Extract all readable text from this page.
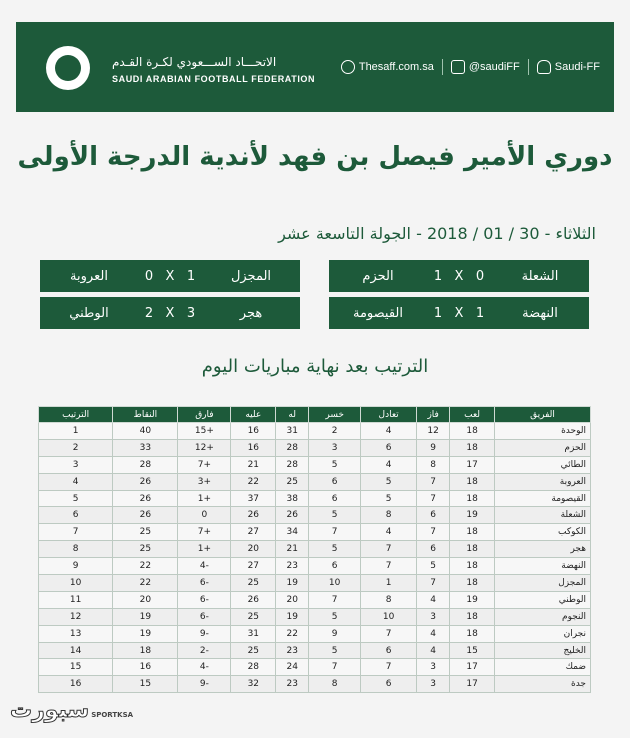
الاتحـــاد الســـعودي لكـرة القـدم
SAUDI ARABIAN FOOTBALL FEDERATION
Thesaff.com.sa	@saudiFF	Saudi-FF
دوري الأمير فيصل بن فهد لأندية الدرجة الأولى
الثلاثاء - 30 / 01 / 2018 - الجولة التاسعة عشر
الشعلة
0
X
1
الحزم
المجزل
1
X
0
العروبة
النهضة
1
X
1
القيصومة
هجر
3
X
2
الوطني
الترتيب بعد نهاية مباريات اليوم
الفريق	لعب	فاز	تعادل	خسر	له	عليه	فارق	النقاط	الترتيب
الوحدة	18	12	4	2	31	16	+15	40	1
الحزم	18	9	6	3	28	16	+12	33	2
الطائي	17	8	4	5	28	21	+7	28	3
العروبة	18	7	5	6	25	22	+3	26	4
القيصومة	18	7	5	6	38	37	+1	26	5
الشعلة	19	6	8	5	26	26	0	26	6
الكوكب	18	7	4	7	34	27	+7	25	7
هجر	18	6	7	5	21	20	+1	25	8
النهضة	18	5	7	6	23	27	-4	22	9
المجزل	18	7	1	10	19	25	-6	22	10
الوطني	19	4	8	7	20	26	-6	20	11
النجوم	18	3	10	5	19	25	-6	19	12
نجران	18	4	7	9	22	31	-9	19	13
الخليج	15	4	6	5	23	25	-2	18	14
ضمك	17	3	7	7	24	28	-4	16	15
جدة	17	3	6	8	23	32	-9	15	16
سبورت SPORTKSA
